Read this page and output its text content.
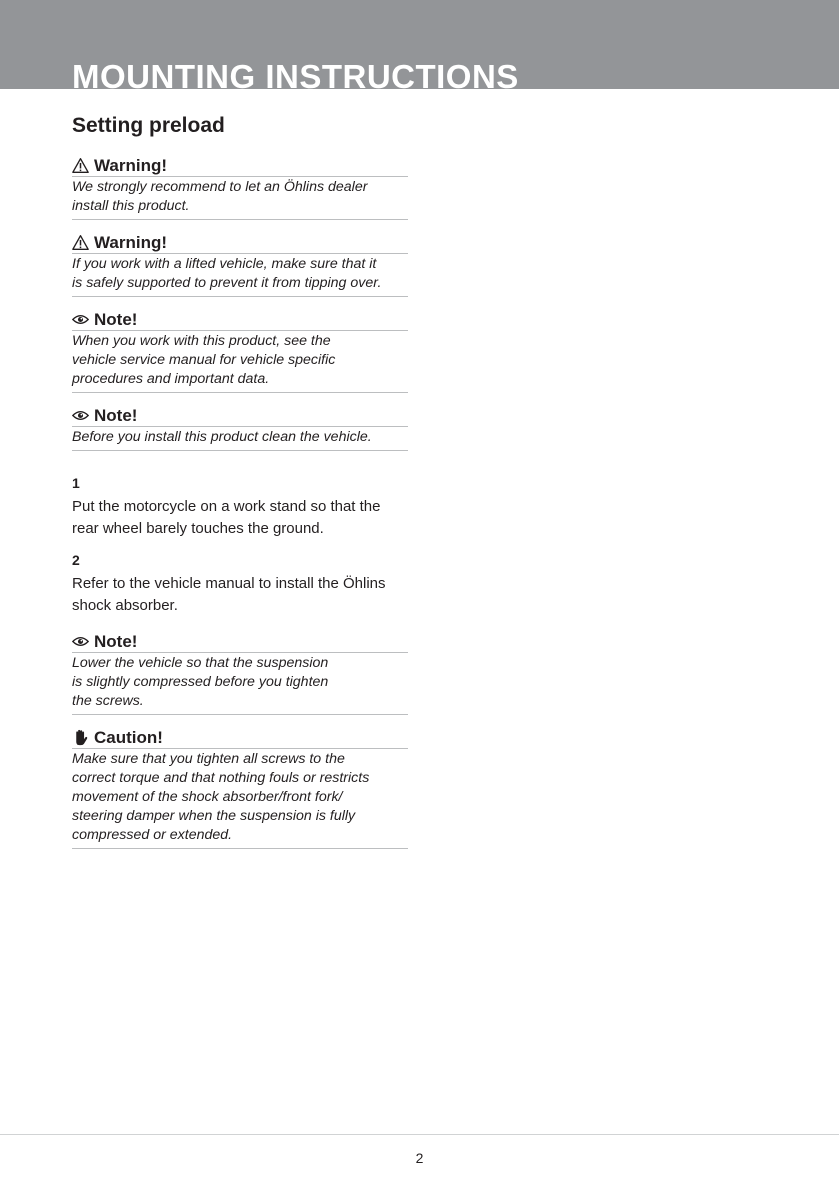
MOUNTING INSTRUCTIONS
Setting preload
Warning!

We strongly recommend to let an Öhlins dealer
install this product.

Warning!

If you work with a lifted vehicle, make sure that it
is safely supported to prevent it from tipping over.

Note!

When you work with this product, see the
vehicle service manual for vehicle specific
procedures and important data.

Note!

Before you install this product clean the vehicle.

1

Put the motorcycle on a work stand so that the
rear wheel barely touches the ground.

2

Refer to the vehicle manual to install the Öhlins
shock absorber.

Note!

Lower the vehicle so that the suspension
is slightly compressed before you tighten
the screws.

Caution!

Make sure that you tighten all screws to the
correct torque and that nothing fouls or restricts
movement of the shock absorber/front fork/
steering damper when the suspension is fully
compressed or extended.

2
